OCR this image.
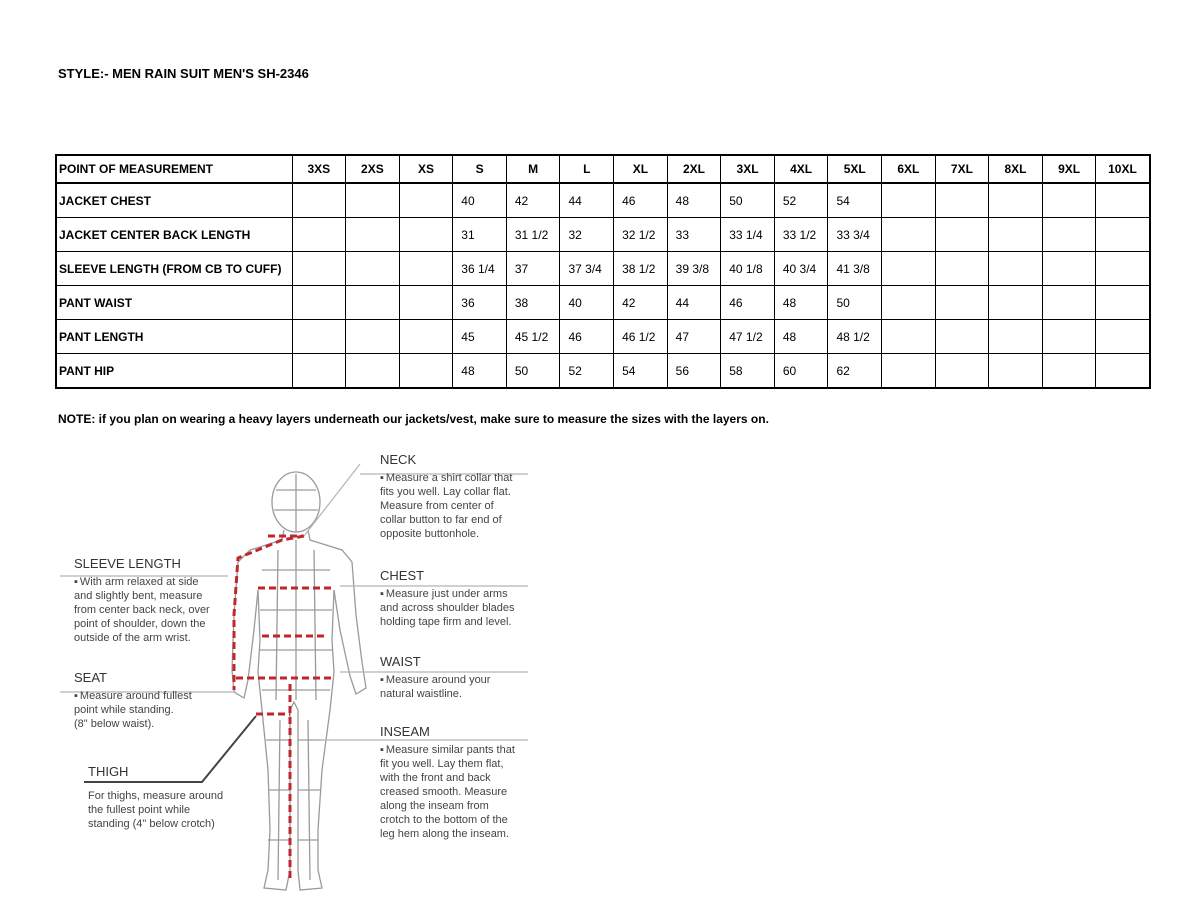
STYLE:- MEN RAIN SUIT MEN'S SH-2346
POINT OF MEASUREMENT	3XS	2XS	XS	S	M	L	XL	2XL	3XL	4XL	5XL	6XL	7XL	8XL	9XL	10XL
JACKET CHEST				40	42	44	46	48	50	52	54					
JACKET CENTER BACK LENGTH				31	31 1/2	32	32 1/2	33	33 1/4	33 1/2	33 3/4					
SLEEVE LENGTH (FROM CB TO CUFF)				36 1/4	37	37 3/4	38 1/2	39 3/8	40 1/8	40 3/4	41 3/8					
PANT WAIST				36	38	40	42	44	46	48	50					
PANT LENGTH				45	45 1/2	46	46 1/2	47	47 1/2	48	48 1/2					
PANT HIP				48	50	52	54	56	58	60	62					
NOTE: if you plan on wearing a heavy layers underneath our jackets/vest, make sure to measure the sizes with the layers on.
NECK
▪ Measure a shirt collar that
fits you well. Lay collar flat.
Measure from center of
collar button to far end of
opposite buttonhole.
CHEST
▪ Measure just under arms
and across shoulder blades
holding tape firm and level.
WAIST
▪ Measure around your
natural waistline.
INSEAM
▪ Measure similar pants that
fit you well. Lay them flat,
with the front and back
creased smooth. Measure
along the inseam from
crotch to the bottom of the
leg hem along the inseam.
SLEEVE LENGTH
▪ With arm relaxed at side
and slightly bent, measure
from center back neck, over
point of shoulder, down the
outside of the arm wrist.
SEAT
▪ Measure around fullest
point while standing.
(8" below waist).
THIGH
For thighs, measure around
the fullest point while
standing (4" below crotch)
